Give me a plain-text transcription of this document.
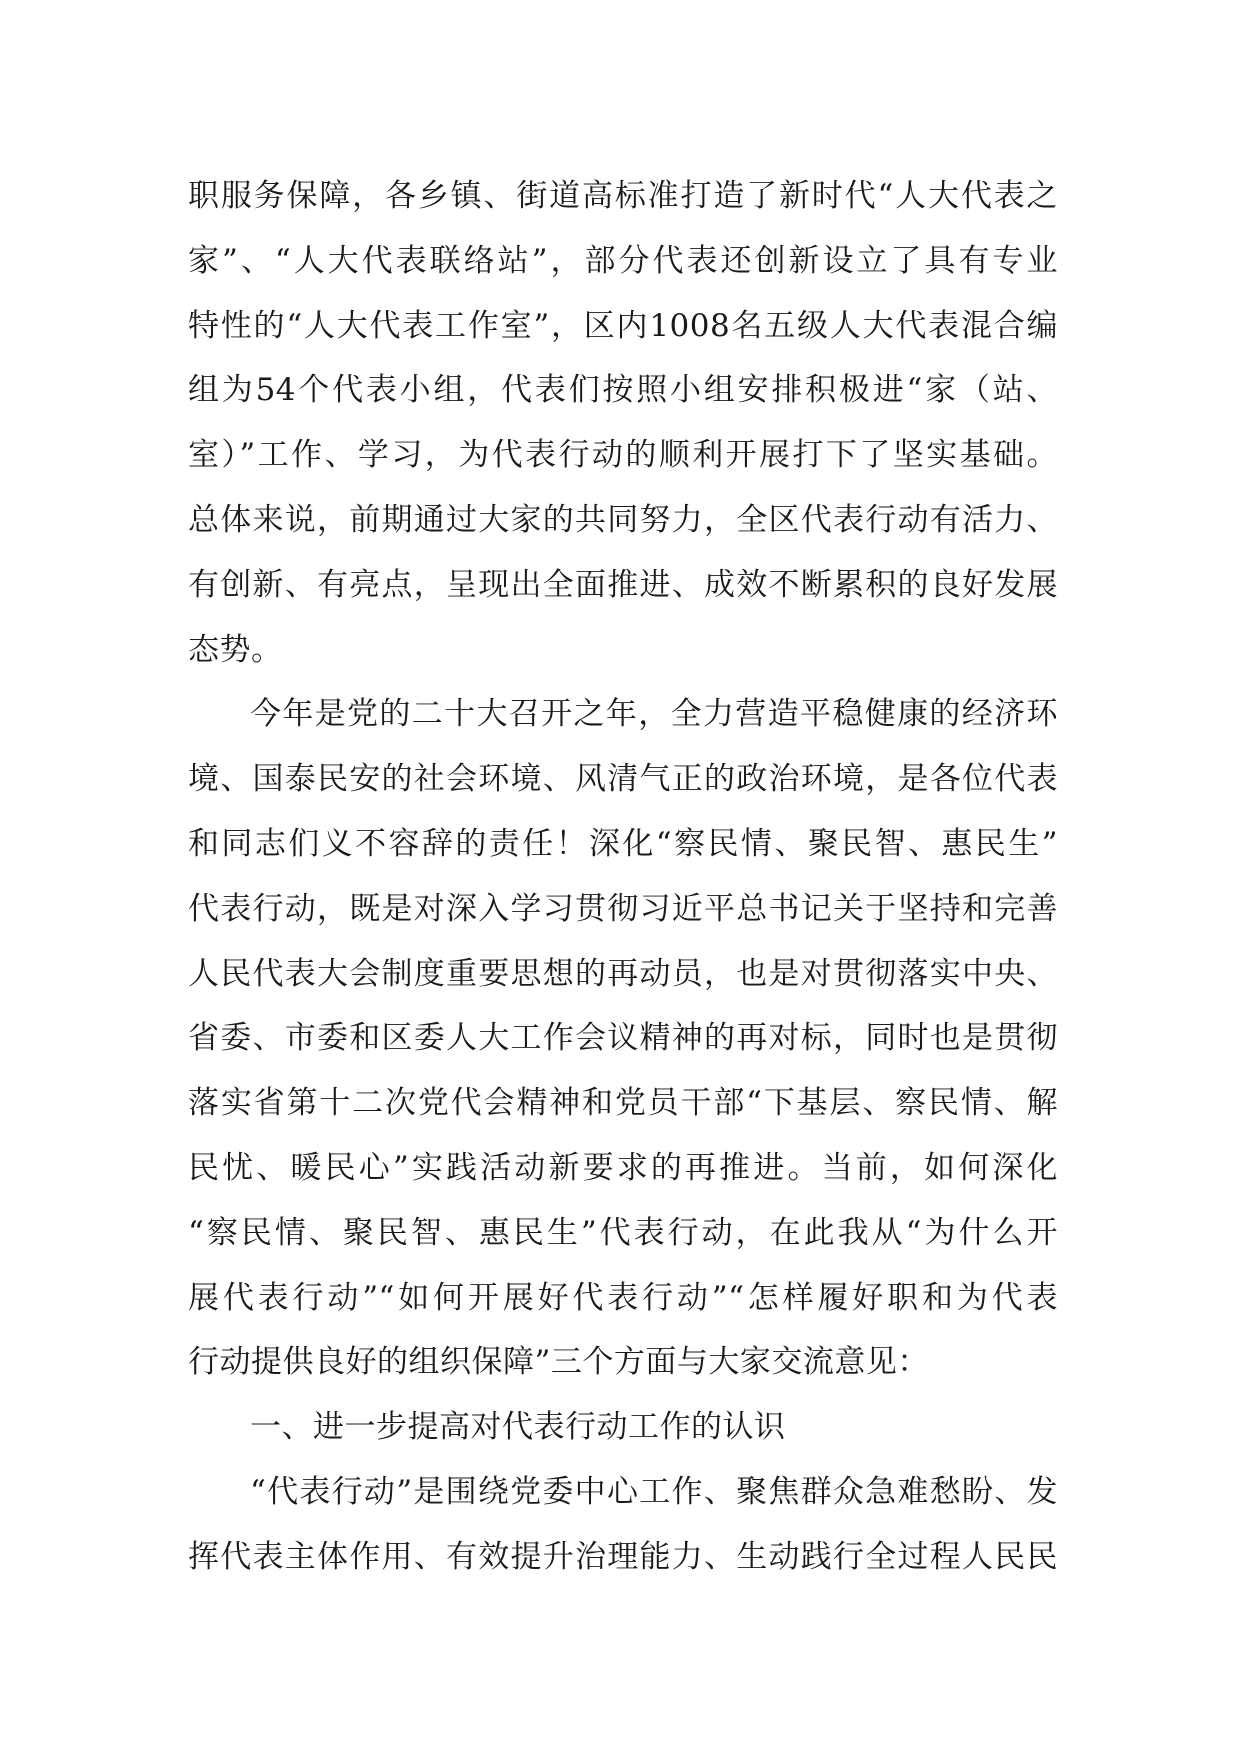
职服务保障，各乡镇、街道高标准打造了新时代“人大代表之
家”、“人大代表联络站”，部分代表还创新设立了具有专业
特性的“人大代表工作室”，区内1008名五级人大代表混合编
组为54个代表小组，代表们按照小组安排积极进“家（站、
室）”工作、学习，为代表行动的顺利开展打下了坚实基础。
总体来说，前期通过大家的共同努力，全区代表行动有活力、
有创新、有亮点，呈现出全面推进、成效不断累积的良好发展
态势。
今年是党的二十大召开之年，全力营造平稳健康的经济环
境、国泰民安的社会环境、风清气正的政治环境，是各位代表
和同志们义不容辞的责任！深化“察民情、聚民智、惠民生”
代表行动，既是对深入学习贯彻习近平总书记关于坚持和完善
人民代表大会制度重要思想的再动员，也是对贯彻落实中央、
省委、市委和区委人大工作会议精神的再对标，同时也是贯彻
落实省第十二次党代会精神和党员干部“下基层、察民情、解
民忧、暖民心”实践活动新要求的再推进。当前，如何深化
“察民情、聚民智、惠民生”代表行动，在此我从“为什么开
展代表行动”“如何开展好代表行动”“怎样履好职和为代表
行动提供良好的组织保障”三个方面与大家交流意见：
一、进一步提高对代表行动工作的认识
“代表行动”是围绕党委中心工作、聚焦群众急难愁盼、发
挥代表主体作用、有效提升治理能力、生动践行全过程人民民
